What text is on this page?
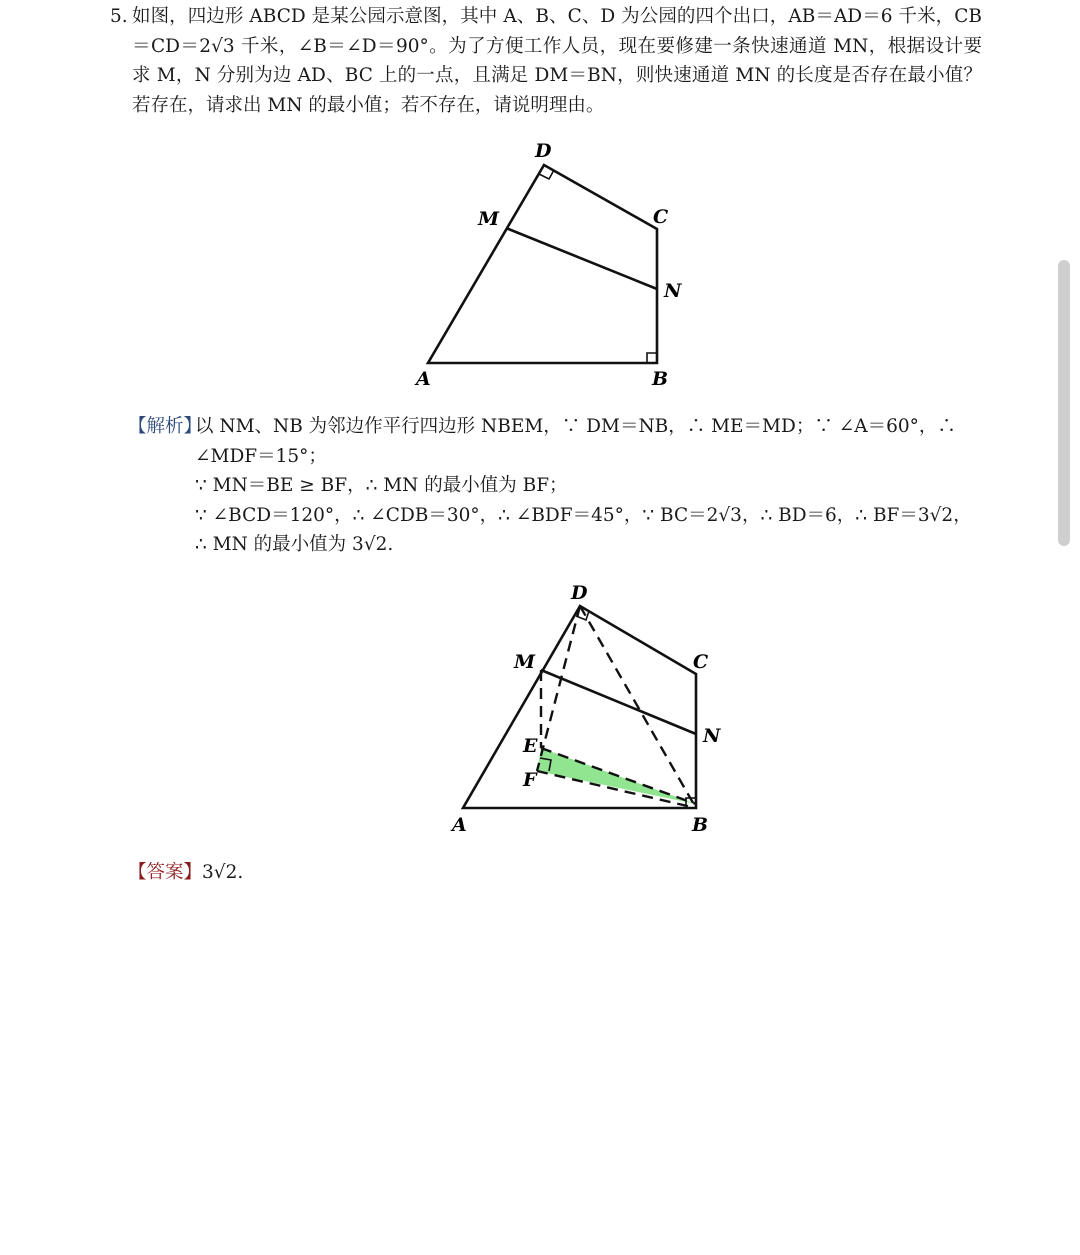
5. 如图，四边形 ABCD 是某公园示意图，其中 A、B、C、D 为公园的四个出口，AB＝AD＝6 千米，CB＝CD＝2√3 千米，∠B＝∠D＝90°。为了方便工作人员，现在要修建一条快速通道 MN，根据设计要求 M，N 分别为边 AD、BC 上的一点，且满足 DM＝BN，则快速通道 MN 的长度是否存在最小值？若存在，请求出 MN 的最小值；若不存在，请说明理由。

D
M	C
N
A	B
【解析】
以 NM、NB 为邻边作平行四边形 NBEM，∵ DM＝NB，∴ ME＝MD；∵ ∠A＝60°，∴ ∠MDF＝15°；
∵ MN＝BE ≥ BF，∴ MN 的最小值为 BF；
∵ ∠BCD＝120°，∴ ∠CDB＝30°，∴ ∠BDF＝45°，∵ BC＝2√3，∴ BD＝6，∴ BF＝3√2，∴ MN 的最小值为 3√2.
D
M	C
N
E
F
A	B
【答案】3√2.
